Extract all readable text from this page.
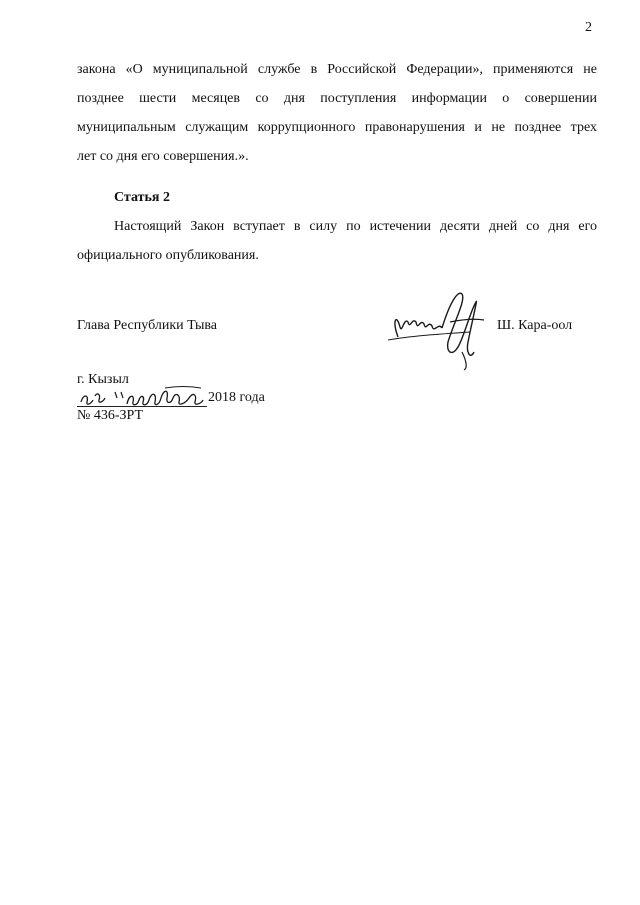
2
закона «О муниципальной службе в Российской Федерации», применяются не
позднее шести месяцев со дня поступления информации о совершении
муниципальным служащим коррупционного правонарушения и не позднее трех
лет со дня его совершения.».
Статья 2
Настоящий Закон вступает в силу по истечении десяти дней со дня его
официального опубликования.
Глава Республики Тыва	Ш. Кара-оол
г. Кызыл
2018 года
№ 436-ЗРТ
